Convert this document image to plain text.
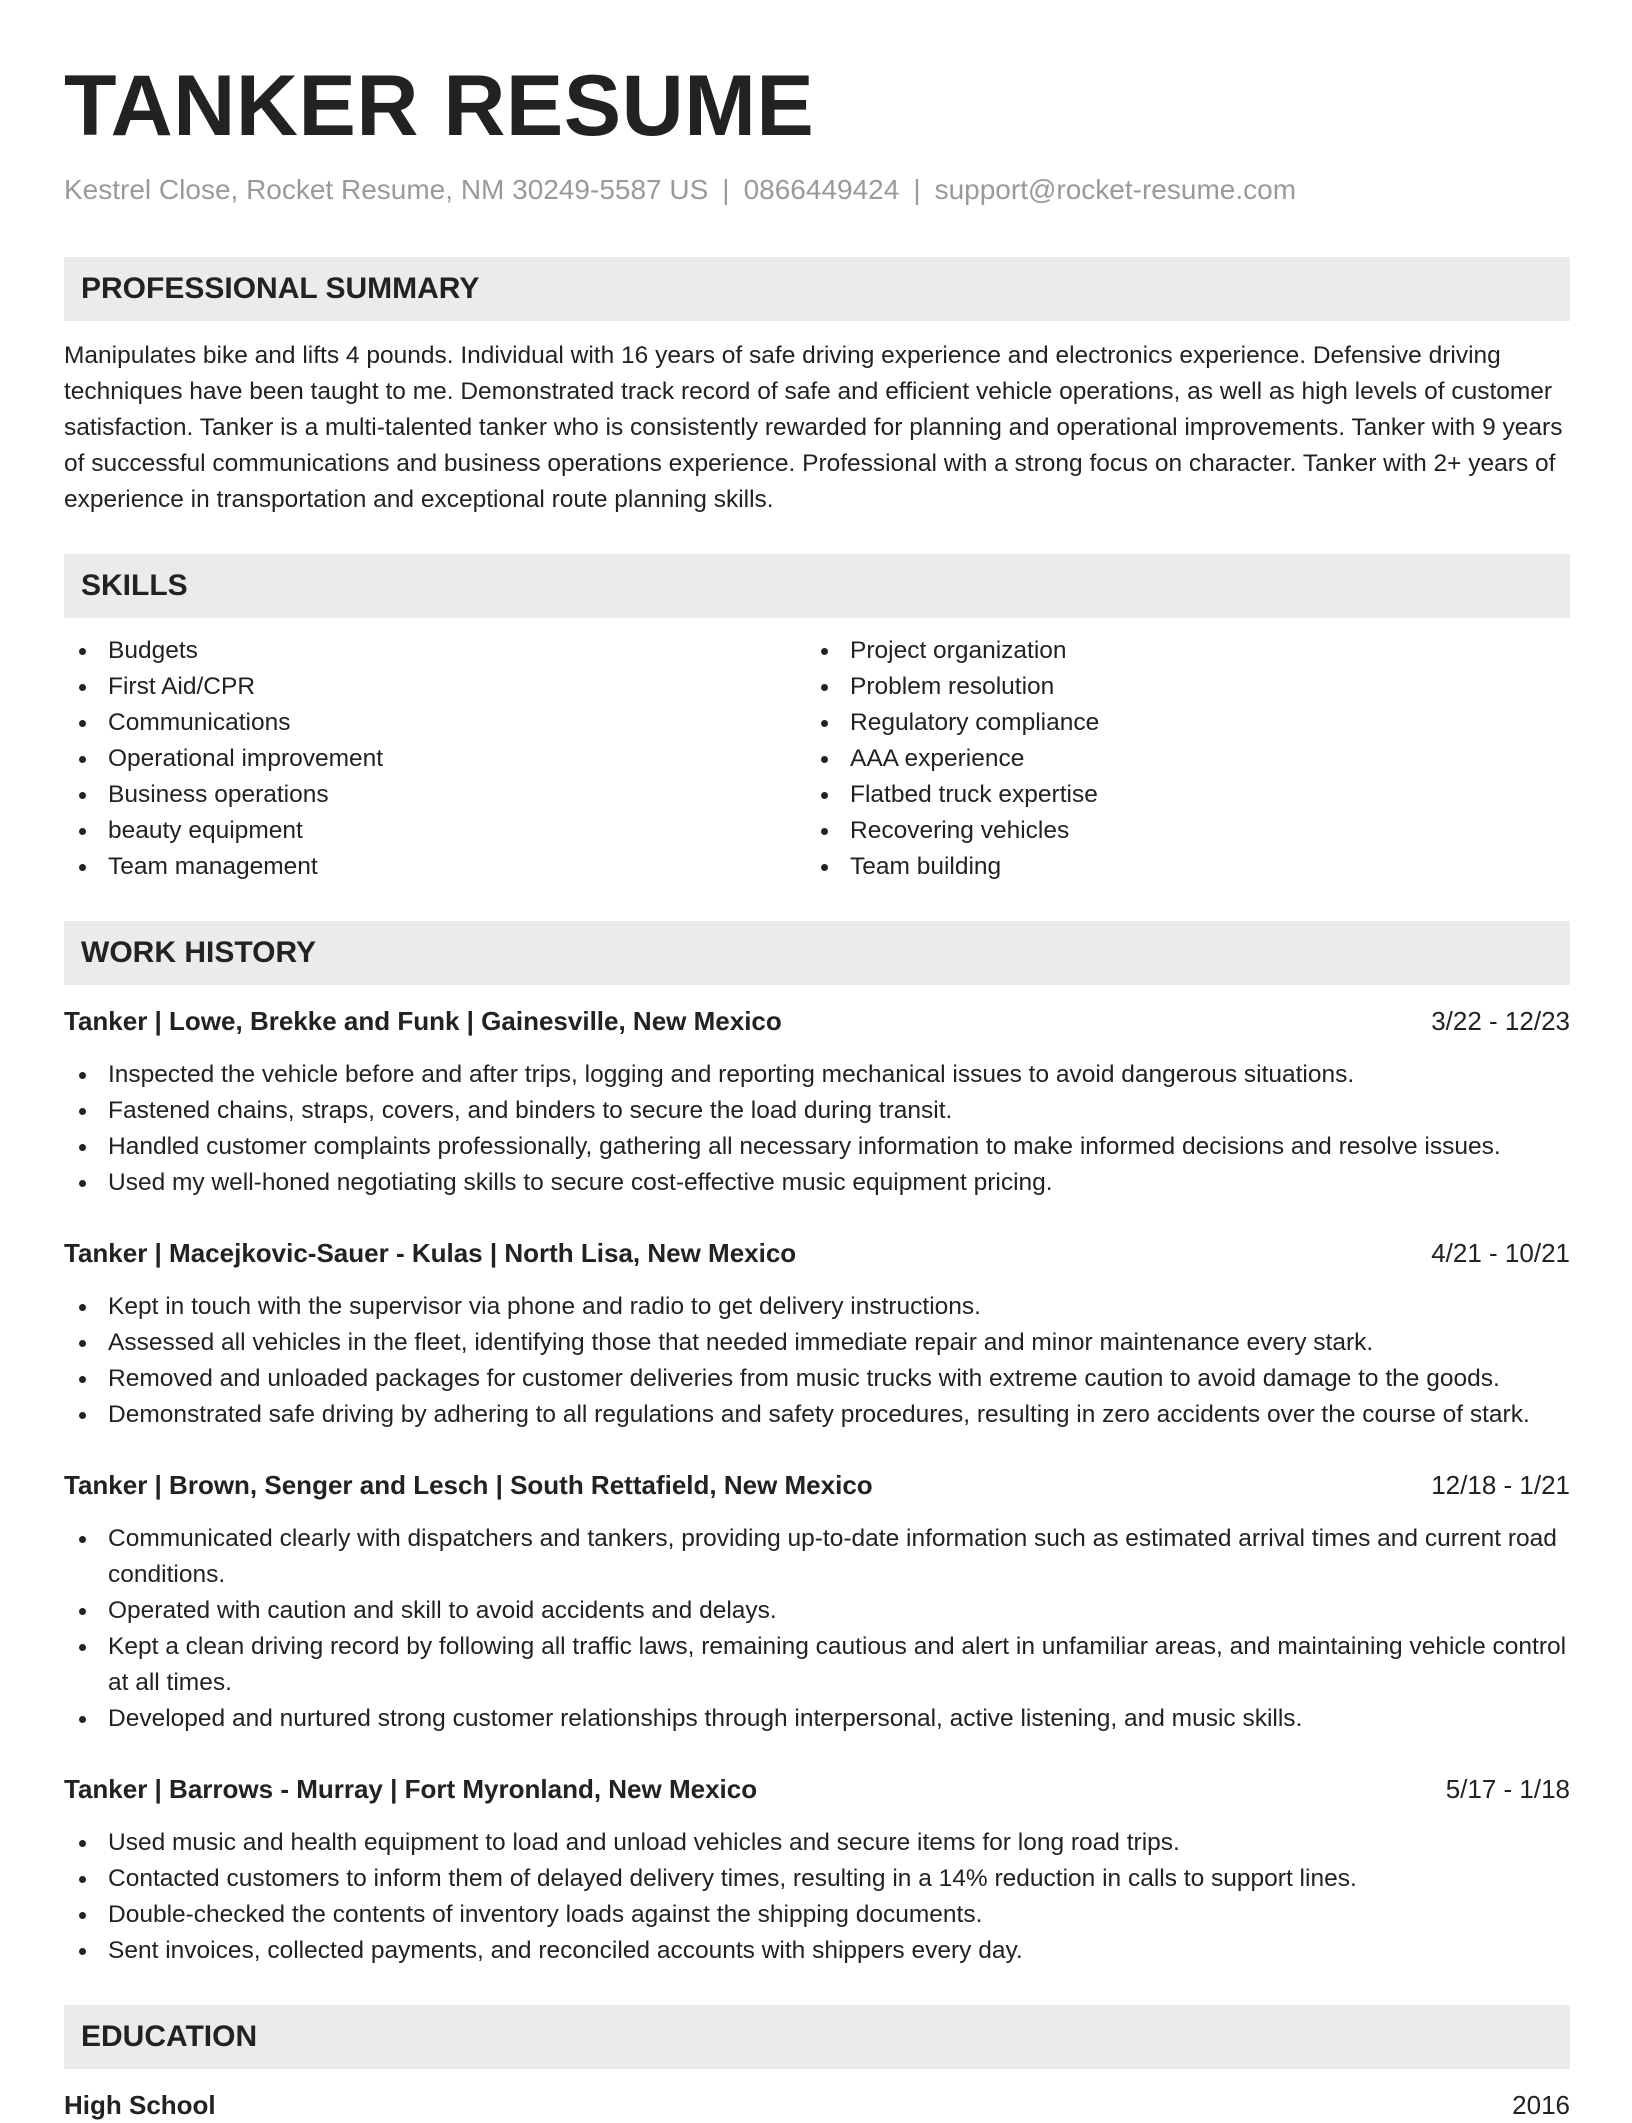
TANKER RESUME
Kestrel Close, Rocket Resume, NM 30249-5587 US | 0866449424 | support@rocket-resume.com
PROFESSIONAL SUMMARY
Manipulates bike and lifts 4 pounds. Individual with 16 years of safe driving experience and electronics experience. Defensive driving techniques have been taught to me. Demonstrated track record of safe and efficient vehicle operations, as well as high levels of customer satisfaction. Tanker is a multi-talented tanker who is consistently rewarded for planning and operational improvements. Tanker with 9 years of successful communications and business operations experience. Professional with a strong focus on character. Tanker with 2+ years of experience in transportation and exceptional route planning skills.
SKILLS
Budgets
First Aid/CPR
Communications
Operational improvement
Business operations
beauty equipment
Team management
Project organization
Problem resolution
Regulatory compliance
AAA experience
Flatbed truck expertise
Recovering vehicles
Team building
WORK HISTORY
Tanker | Lowe, Brekke and Funk | Gainesville, New Mexico	3/22 - 12/23
Inspected the vehicle before and after trips, logging and reporting mechanical issues to avoid dangerous situations.
Fastened chains, straps, covers, and binders to secure the load during transit.
Handled customer complaints professionally, gathering all necessary information to make informed decisions and resolve issues.
Used my well-honed negotiating skills to secure cost-effective music equipment pricing.
Tanker | Macejkovic-Sauer - Kulas | North Lisa, New Mexico	4/21 - 10/21
Kept in touch with the supervisor via phone and radio to get delivery instructions.
Assessed all vehicles in the fleet, identifying those that needed immediate repair and minor maintenance every stark.
Removed and unloaded packages for customer deliveries from music trucks with extreme caution to avoid damage to the goods.
Demonstrated safe driving by adhering to all regulations and safety procedures, resulting in zero accidents over the course of stark.
Tanker | Brown, Senger and Lesch | South Rettafield, New Mexico	12/18 - 1/21
Communicated clearly with dispatchers and tankers, providing up-to-date information such as estimated arrival times and current road conditions.
Operated with caution and skill to avoid accidents and delays.
Kept a clean driving record by following all traffic laws, remaining cautious and alert in unfamiliar areas, and maintaining vehicle control at all times.
Developed and nurtured strong customer relationships through interpersonal, active listening, and music skills.
Tanker | Barrows - Murray | Fort Myronland, New Mexico	5/17 - 1/18
Used music and health equipment to load and unload vehicles and secure items for long road trips.
Contacted customers to inform them of delayed delivery times, resulting in a 14% reduction in calls to support lines.
Double-checked the contents of inventory loads against the shipping documents.
Sent invoices, collected payments, and reconciled accounts with shippers every day.
EDUCATION
High School	2016
